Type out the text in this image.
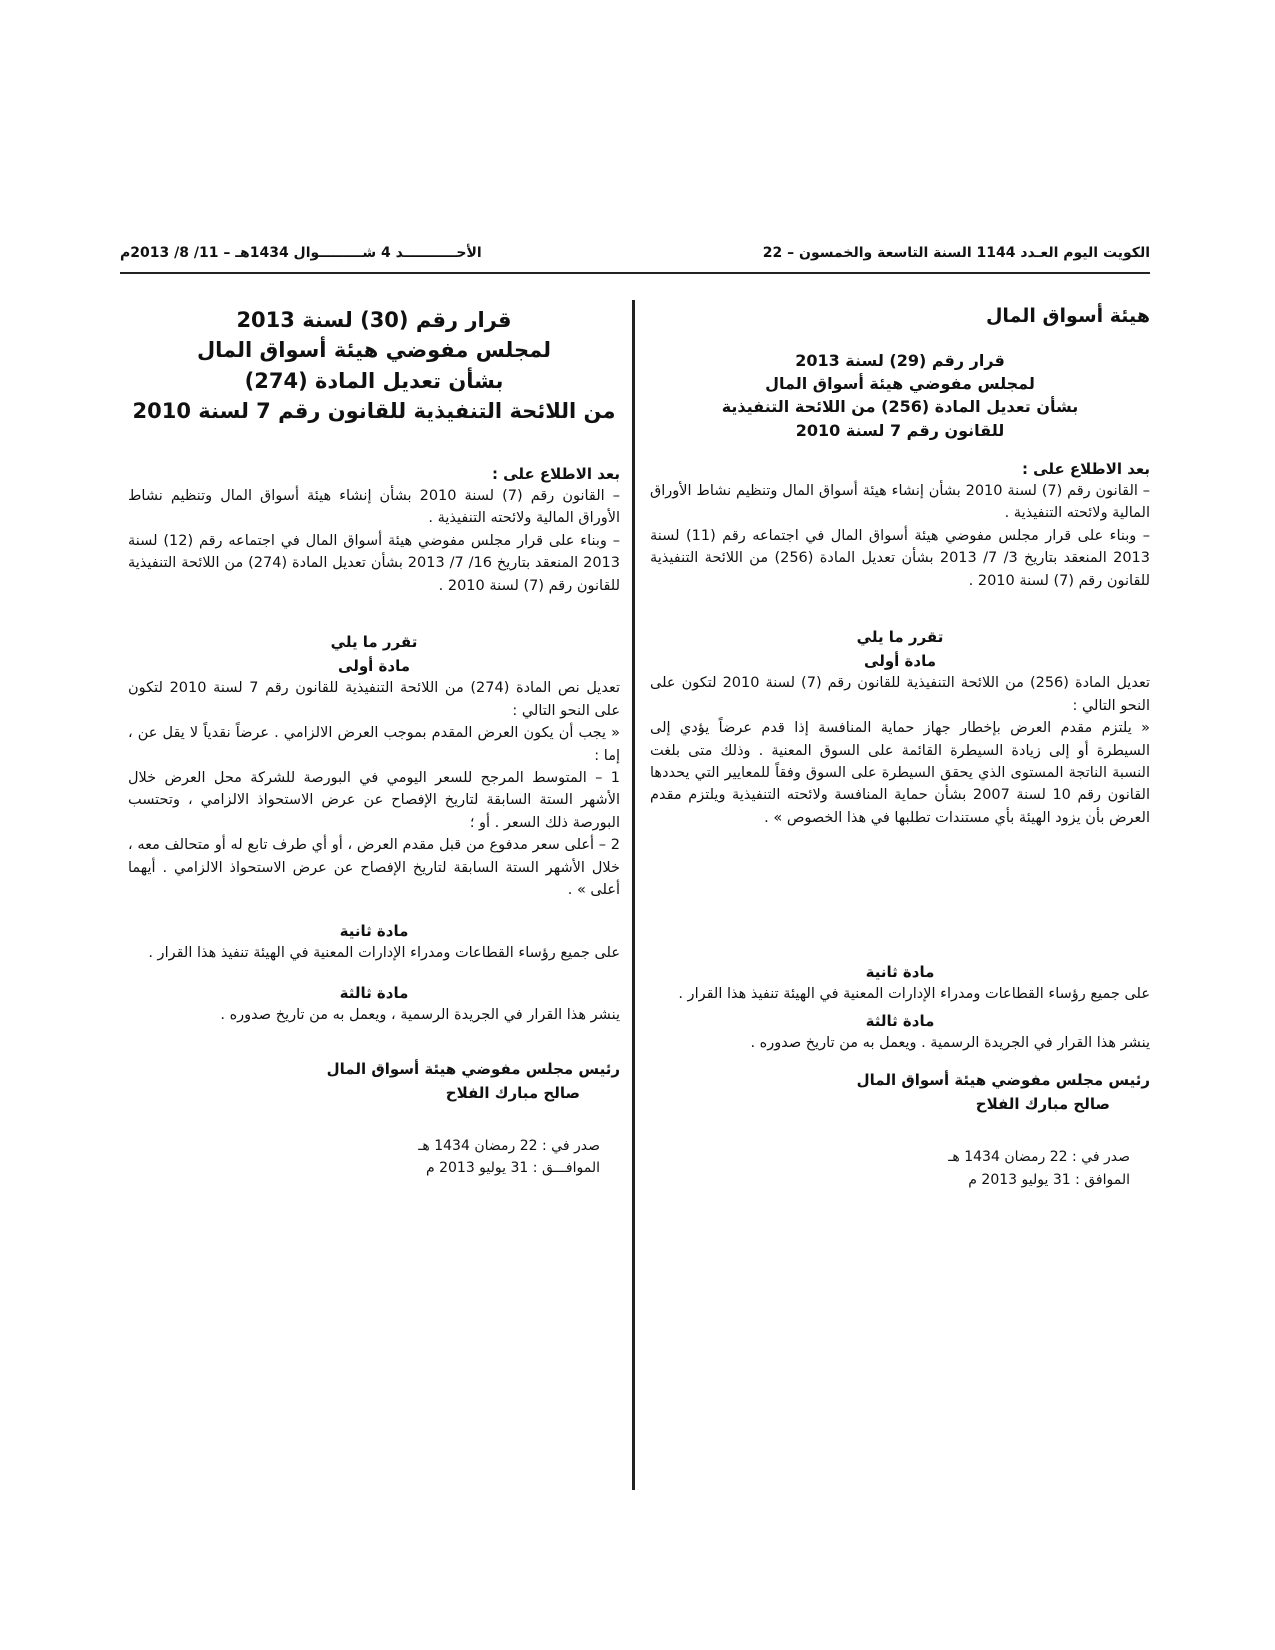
الكويت اليوم العـدد 1144 السنة التاسعة والخمسون – 22
الأحـــــــــــد 4 شـــــــــوال 1434هـ – 11/ 8/ 2013م
هيئة أسواق المال
قرار رقم (29) لسنة 2013
لمجلس مفوضي هيئة أسواق المال
بشأن تعديل المادة (256) من اللائحة التنفيذية
للقانون رقم 7 لسنة 2010
بعد الاطلاع على :

– القانون رقم (7) لسنة 2010 بشأن إنشاء هيئة أسواق المال وتنظيم نشاط الأوراق المالية ولائحته التنفيذية .

– وبناء على قرار مجلس مفوضي هيئة أسواق المال في اجتماعه رقم (11) لسنة 2013 المنعقد بتاريخ 3/ 7/ 2013 بشأن تعديل المادة (256) من اللائحة التنفيذية للقانون رقم (7) لسنة 2010 .

تقرر ما يلي
مادة أولى

تعديل المادة (256) من اللائحة التنفيذية للقانون رقم (7) لسنة 2010 لتكون على النحو التالي :

« يلتزم مقدم العرض بإخطار جهاز حماية المنافسة إذا قدم عرضاً يؤدي إلى السيطرة أو إلى زيادة السيطرة القائمة على السوق المعنية . وذلك متى بلغت النسبة الناتجة المستوى الذي يحقق السيطرة على السوق وفقاً للمعايير التي يحددها القانون رقم 10 لسنة 2007 بشأن حماية المنافسة ولائحته التنفيذية ويلتزم مقدم العرض بأن يزود الهيئة بأي مستندات تطلبها في هذا الخصوص » .

مادة ثانية

على جميع رؤساء القطاعات ومدراء الإدارات المعنية في الهيئة تنفيذ هذا القرار .

مادة ثالثة

ينشر هذا القرار في الجريدة الرسمية . ويعمل به من تاريخ صدوره .

رئيس مجلس مفوضي هيئة أسواق المال
صالح مبارك الفلاح
صدر في : 22 رمضان 1434 هـ
الموافق : 31 يوليو 2013 م
قرار رقم (30) لسنة 2013
لمجلس مفوضي هيئة أسواق المال
بشأن تعديل المادة (274)
من اللائحة التنفيذية للقانون رقم 7 لسنة 2010
بعد الاطلاع على :

– القانون رقم (7) لسنة 2010 بشأن إنشاء هيئة أسواق المال وتنظيم نشاط الأوراق المالية ولائحته التنفيذية .

– وبناء على قرار مجلس مفوضي هيئة أسواق المال في اجتماعه رقم (12) لسنة 2013 المنعقد بتاريخ 16/ 7/ 2013 بشأن تعديل المادة (274) من اللائحة التنفيذية للقانون رقم (7) لسنة 2010 .

تقرر ما يلي
مادة أولى

تعديل نص المادة (274) من اللائحة التنفيذية للقانون رقم 7 لسنة 2010 لتكون على النحو التالي :

« يجب أن يكون العرض المقدم بموجب العرض الالزامي . عرضاً نقدياً لا يقل عن ، إما :

1 – المتوسط المرجح للسعر اليومي في البورصة للشركة محل العرض خلال الأشهر الستة السابقة لتاريخ الإفصاح عن عرض الاستحواذ الالزامي ، وتحتسب البورصة ذلك السعر . أو ؛

2 – أعلى سعر مدفوع من قبل مقدم العرض ، أو أي طرف تابع له أو متحالف معه ، خلال الأشهر الستة السابقة لتاريخ الإفصاح عن عرض الاستحواذ الالزامي . أيهما أعلى » .

مادة ثانية

على جميع رؤساء القطاعات ومدراء الإدارات المعنية في الهيئة تنفيذ هذا القرار .

مادة ثالثة

ينشر هذا القرار في الجريدة الرسمية ، ويعمل به من تاريخ صدوره .

رئيس مجلس مفوضي هيئة أسواق المال
صالح مبارك الفلاح
صدر في : 22 رمضان 1434 هـ
الموافـــق : 31 يوليو 2013 م
